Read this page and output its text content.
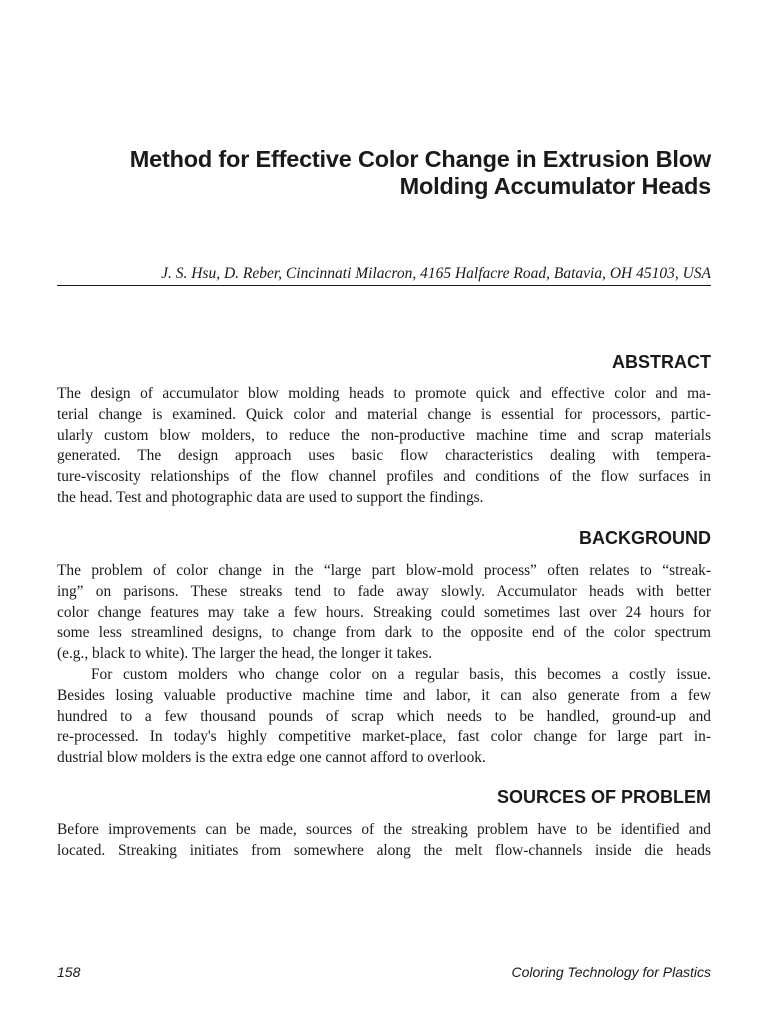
Method for Effective Color Change in Extrusion Blow
Molding Accumulator Heads
J. S. Hsu, D. Reber, Cincinnati Milacron, 4165 Halfacre Road, Batavia, OH 45103, USA
ABSTRACT

The design of accumulator blow molding heads to promote quick and effective color and ma-
terial change is examined. Quick color and material change is essential for processors, partic-
ularly custom blow molders, to reduce the non-productive machine time and scrap materials
generated. The design approach uses basic flow characteristics dealing with tempera-
ture-viscosity relationships of the flow channel profiles and conditions of the flow surfaces in
the head. Test and photographic data are used to support the findings.

BACKGROUND

The problem of color change in the “large part blow-mold process” often relates to “streak-
ing” on parisons. These streaks tend to fade away slowly. Accumulator heads with better
color change features may take a few hours. Streaking could sometimes last over 24 hours for
some less streamlined designs, to change from dark to the opposite end of the color spectrum
(e.g., black to white). The larger the head, the longer it takes.
For custom molders who change color on a regular basis, this becomes a costly issue.
Besides losing valuable productive machine time and labor, it can also generate from a few
hundred to a few thousand pounds of scrap which needs to be handled, ground-up and
re-processed. In today's highly competitive market-place, fast color change for large part in-
dustrial blow molders is the extra edge one cannot afford to overlook.

SOURCES OF PROBLEM

Before improvements can be made, sources of the streaking problem have to be identified and
located. Streaking initiates from somewhere along the melt flow-channels inside die heads

158	Coloring Technology for Plastics
